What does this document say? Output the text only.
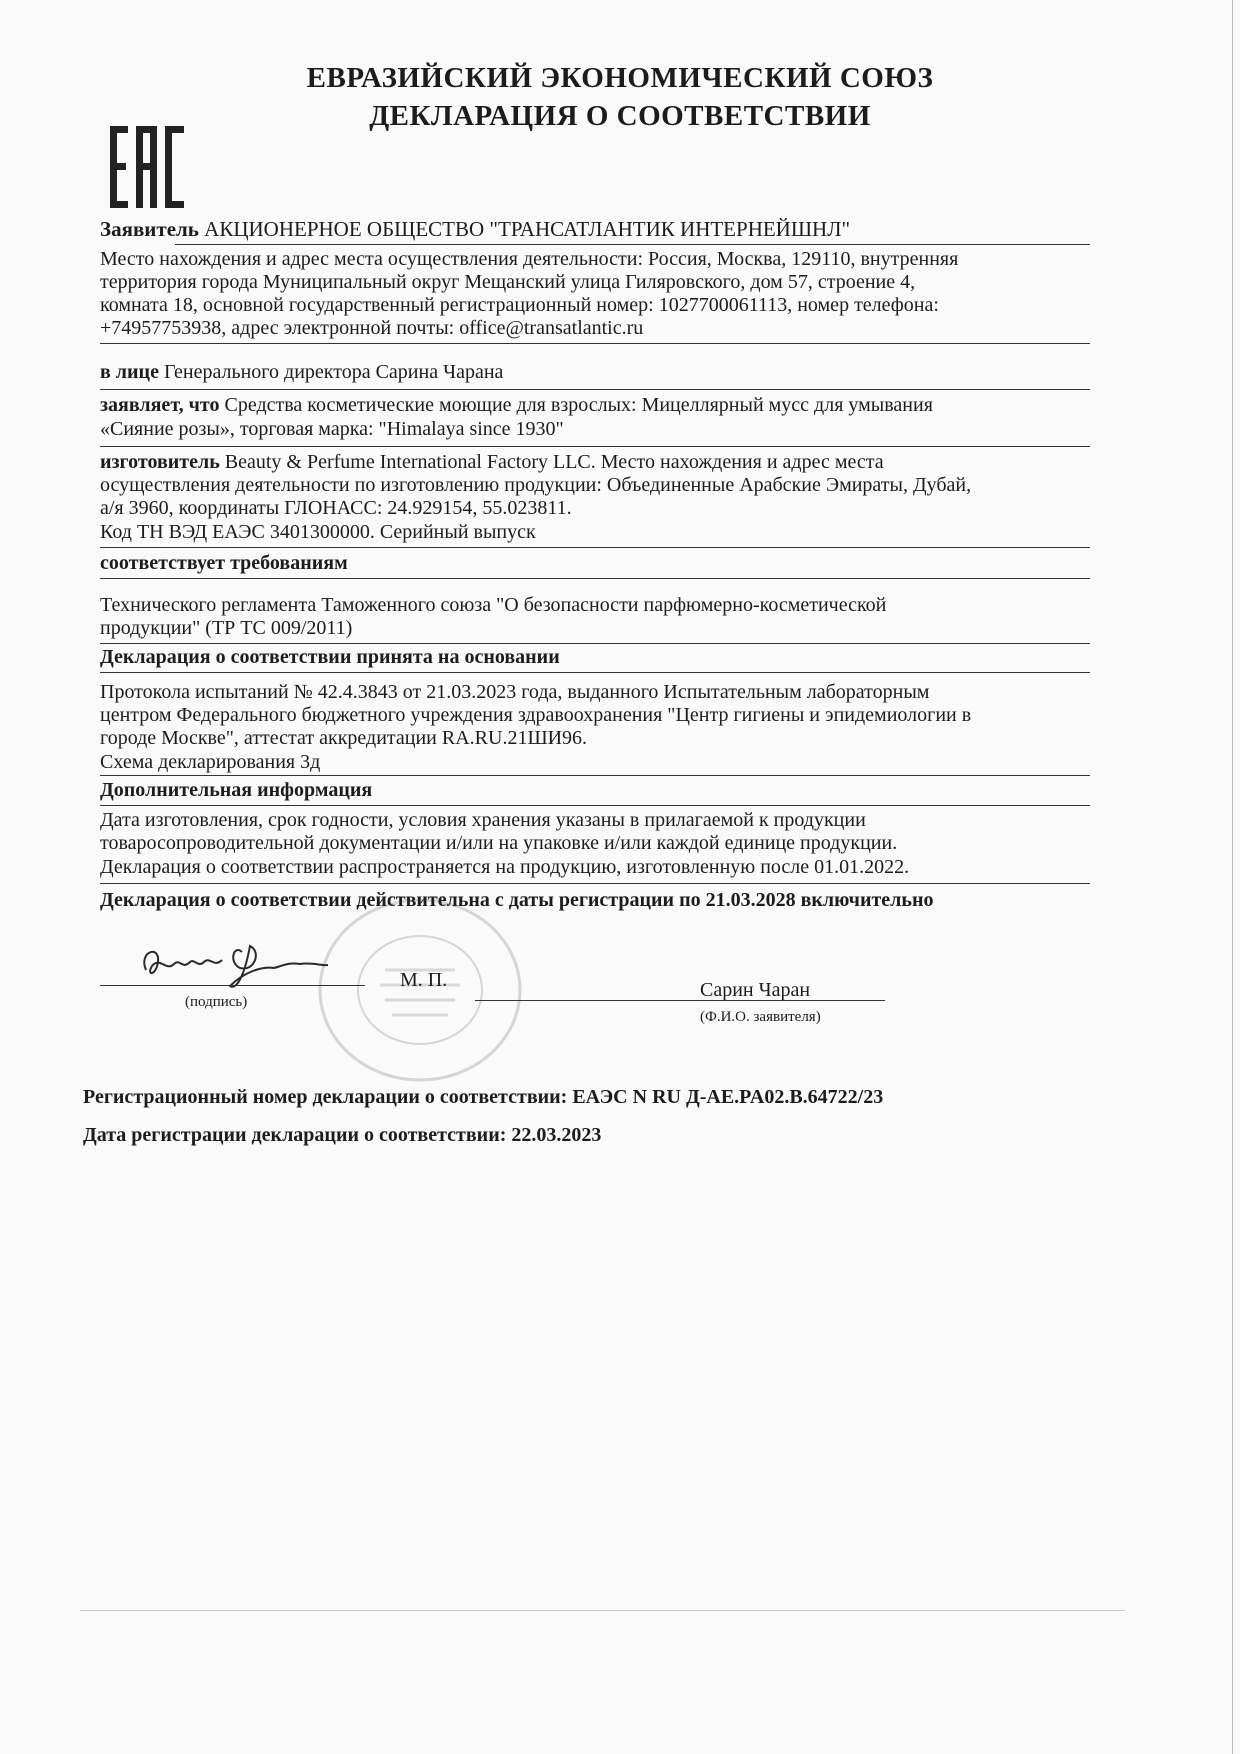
ЕВРАЗИЙСКИЙ ЭКОНОМИЧЕСКИЙ СОЮЗ
ДЕКЛАРАЦИЯ О СООТВЕТСТВИИ
Заявитель АКЦИОНЕРНОЕ ОБЩЕСТВО "ТРАНСАТЛАНТИК ИНТЕРНЕЙШНЛ"
Место нахождения и адрес места осуществления деятельности: Россия, Москва, 129110, внутренняя
территория города Муниципальный округ Мещанский улица Гиляровского, дом 57, строение 4,
комната 18, основной государственный регистрационный номер: 1027700061113, номер телефона:
+74957753938, адрес электронной почты: office@transatlantic.ru
в лице Генерального директора Сарина Чарана
заявляет, что Средства косметические моющие для взрослых: Мицеллярный мусс для умывания
«Сияние розы», торговая марка: "Himalaya since 1930"
изготовитель Beauty & Perfume International Factory LLC. Место нахождения и адрес места
осуществления деятельности по изготовлению продукции: Объединенные Арабские Эмираты, Дубай,
а/я 3960, координаты ГЛОНАСС: 24.929154, 55.023811.
Код ТН ВЭД ЕАЭС 3401300000. Серийный выпуск
соответствует требованиям
Технического регламента Таможенного союза "О безопасности парфюмерно-косметической
продукции" (ТР ТС 009/2011)
Декларация о соответствии принята на основании
Протокола испытаний № 42.4.3843 от 21.03.2023 года, выданного Испытательным лабораторным
центром Федерального бюджетного учреждения здравоохранения "Центр гигиены и эпидемиологии в
городе Москве", аттестат аккредитации RA.RU.21ШИ96.
Схема декларирования 3д
Дополнительная информация
Дата изготовления, срок годности, условия хранения указаны в прилагаемой к продукции
товаросопроводительной документации и/или на упаковке и/или каждой единице продукции.
Декларация о соответствии распространяется на продукцию, изготовленную после 01.01.2022.
Декларация о соответствии действительна с даты регистрации по 21.03.2028 включительно
(подпись)
М. П.	Сарин Чаран
(Ф.И.О. заявителя)
Регистрационный номер декларации о соответствии: ЕАЭС N RU Д-AE.PA02.B.64722/23
Дата регистрации декларации о соответствии: 22.03.2023
